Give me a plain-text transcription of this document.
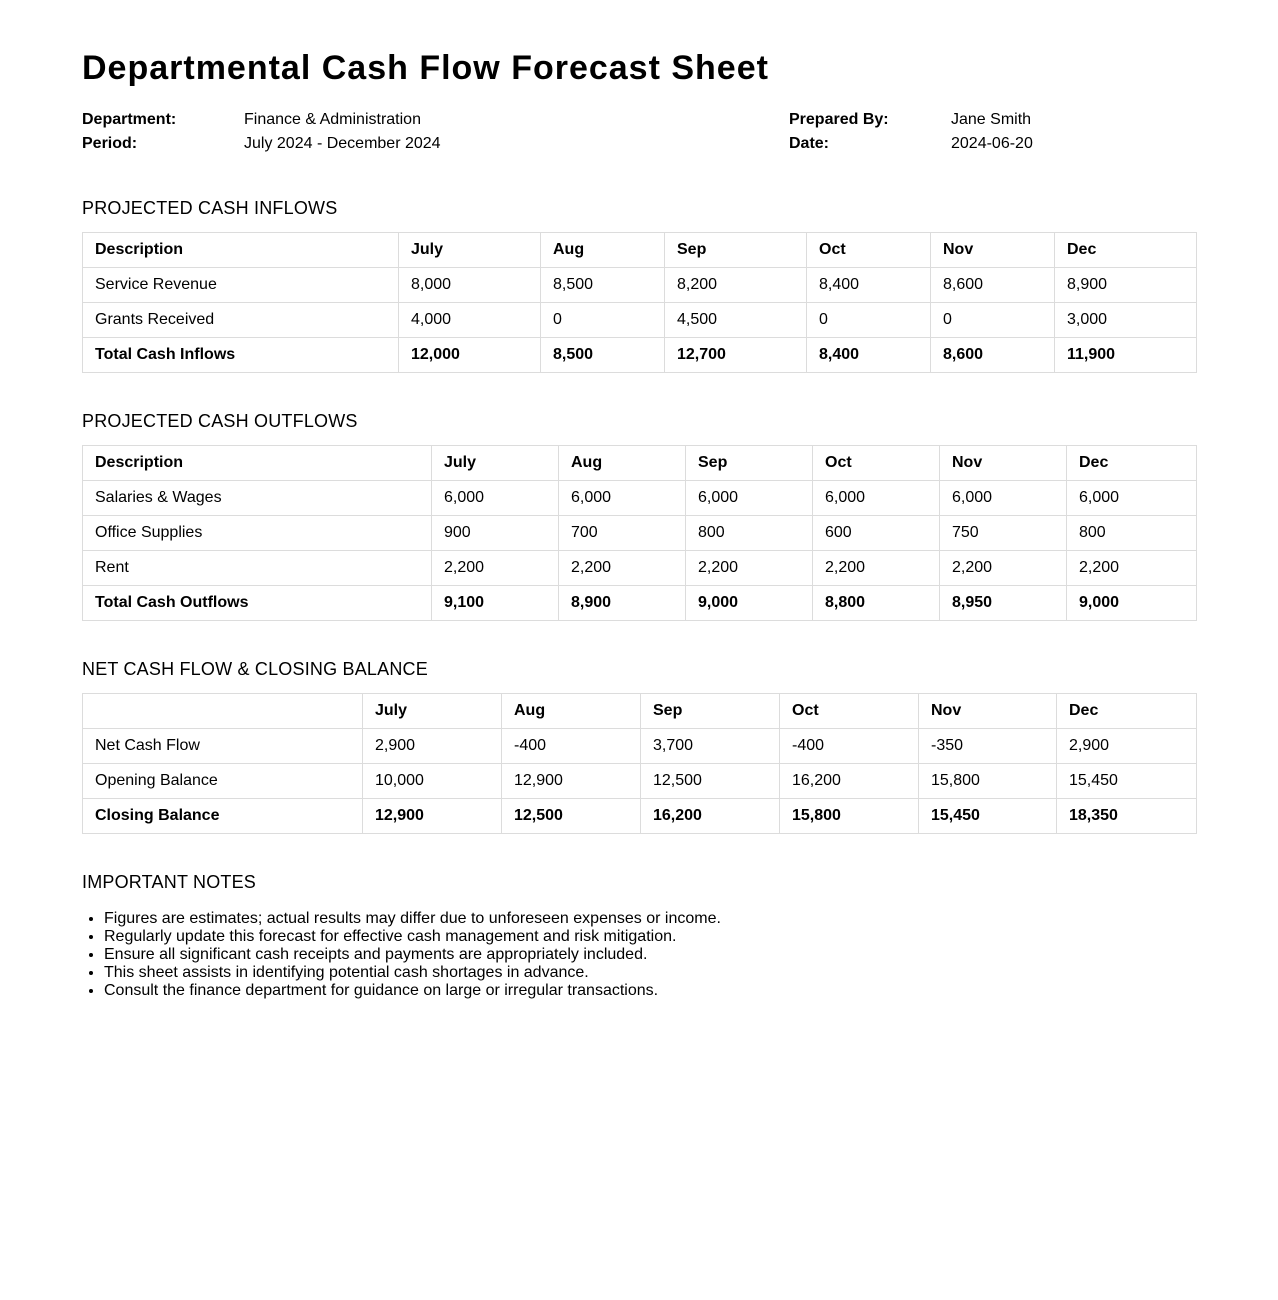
Departmental Cash Flow Forecast Sheet
Department:	Finance & Administration	Prepared By:	Jane Smith
Period:	July 2024 - December 2024	Date:	2024-06-20
PROJECTED CASH INFLOWS
Description	July	Aug	Sep	Oct	Nov	Dec
Service Revenue	8,000	8,500	8,200	8,400	8,600	8,900
Grants Received	4,000	0	4,500	0	0	3,000
Total Cash Inflows	12,000	8,500	12,700	8,400	8,600	11,900
PROJECTED CASH OUTFLOWS
Description	July	Aug	Sep	Oct	Nov	Dec
Salaries & Wages	6,000	6,000	6,000	6,000	6,000	6,000
Office Supplies	900	700	800	600	750	800
Rent	2,200	2,200	2,200	2,200	2,200	2,200
Total Cash Outflows	9,100	8,900	9,000	8,800	8,950	9,000
NET CASH FLOW & CLOSING BALANCE
	July	Aug	Sep	Oct	Nov	Dec
Net Cash Flow	2,900	-400	3,700	-400	-350	2,900
Opening Balance	10,000	12,900	12,500	16,200	15,800	15,450
Closing Balance	12,900	12,500	16,200	15,800	15,450	18,350
IMPORTANT NOTES
• Figures are estimates; actual results may differ due to unforeseen expenses or income.
• Regularly update this forecast for effective cash management and risk mitigation.
• Ensure all significant cash receipts and payments are appropriately included.
• This sheet assists in identifying potential cash shortages in advance.
• Consult the finance department for guidance on large or irregular transactions.
